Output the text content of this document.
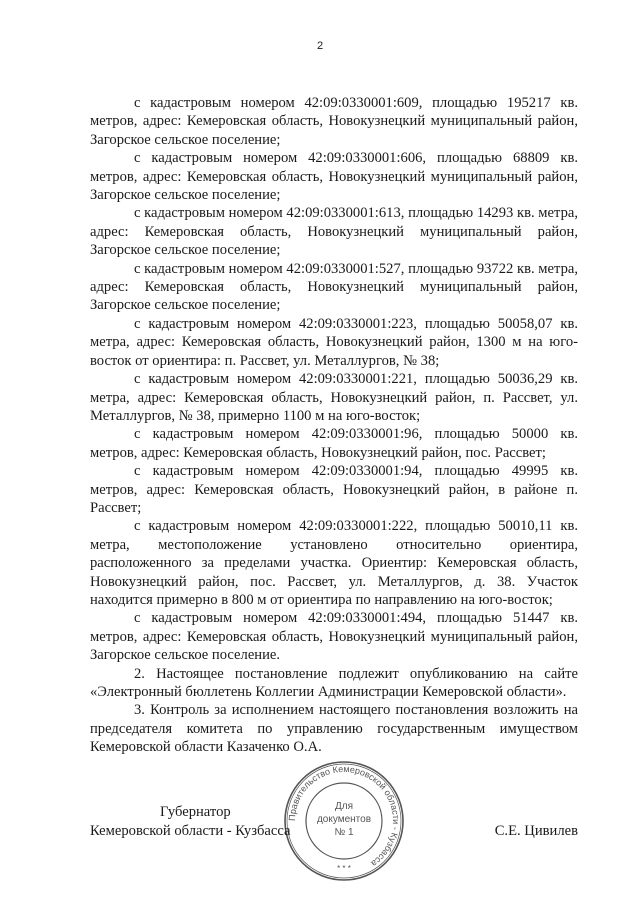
2

с кадастровым номером 42:09:0330001:609, площадью 195217 кв. метров, адрес: Кемеровская область, Новокузнецкий муниципальный район, Загорское сельское поселение;

с кадастровым номером 42:09:0330001:606, площадью 68809 кв. метров, адрес: Кемеровская область, Новокузнецкий муниципальный район, Загорское сельское поселение;

с кадастровым номером 42:09:0330001:613, площадью 14293 кв. метра, адрес: Кемеровская область, Новокузнецкий муниципальный район, Загорское сельское поселение;

с кадастровым номером 42:09:0330001:527, площадью 93722 кв. метра, адрес: Кемеровская область, Новокузнецкий муниципальный район, Загорское сельское поселение;

с кадастровым номером 42:09:0330001:223, площадью 50058,07 кв. метра, адрес: Кемеровская область, Новокузнецкий район, 1300 м на юго-восток от ориентира: п. Рассвет, ул. Металлургов, № 38;

с кадастровым номером 42:09:0330001:221, площадью 50036,29 кв. метра, адрес: Кемеровская область, Новокузнецкий район, п. Рассвет, ул. Металлургов, № 38, примерно 1100 м на юго-восток;

с кадастровым номером 42:09:0330001:96, площадью 50000 кв. метров, адрес: Кемеровская область, Новокузнецкий район, пос. Рассвет;

с кадастровым номером 42:09:0330001:94, площадью 49995 кв. метров, адрес: Кемеровская область, Новокузнецкий район, в районе п. Рассвет;

с кадастровым номером 42:09:0330001:222, площадью 50010,11 кв. метра, местоположение установлено относительно ориентира, расположенного за пределами участка. Ориентир: Кемеровская область, Новокузнецкий район, пос. Рассвет, ул. Металлургов, д. 38. Участок находится примерно в 800 м от ориентира по направлению на юго-восток;

с кадастровым номером 42:09:0330001:494, площадью 51447 кв. метров, адрес: Кемеровская область, Новокузнецкий муниципальный район, Загорское сельское поселение.

2. Настоящее постановление подлежит опубликованию на сайте «Электронный бюллетень Коллегии Администрации Кемеровской области».

3. Контроль за исполнением настоящего постановления возложить на председателя комитета по управлению государственным имуществом Кемеровской области Казаченко О.А.

Правительство Кемеровской области - Кузбасса
Для
документов
№ 1
* * *
Губернатор
Кемеровской области - Кузбасса	С.Е. Цивилев
